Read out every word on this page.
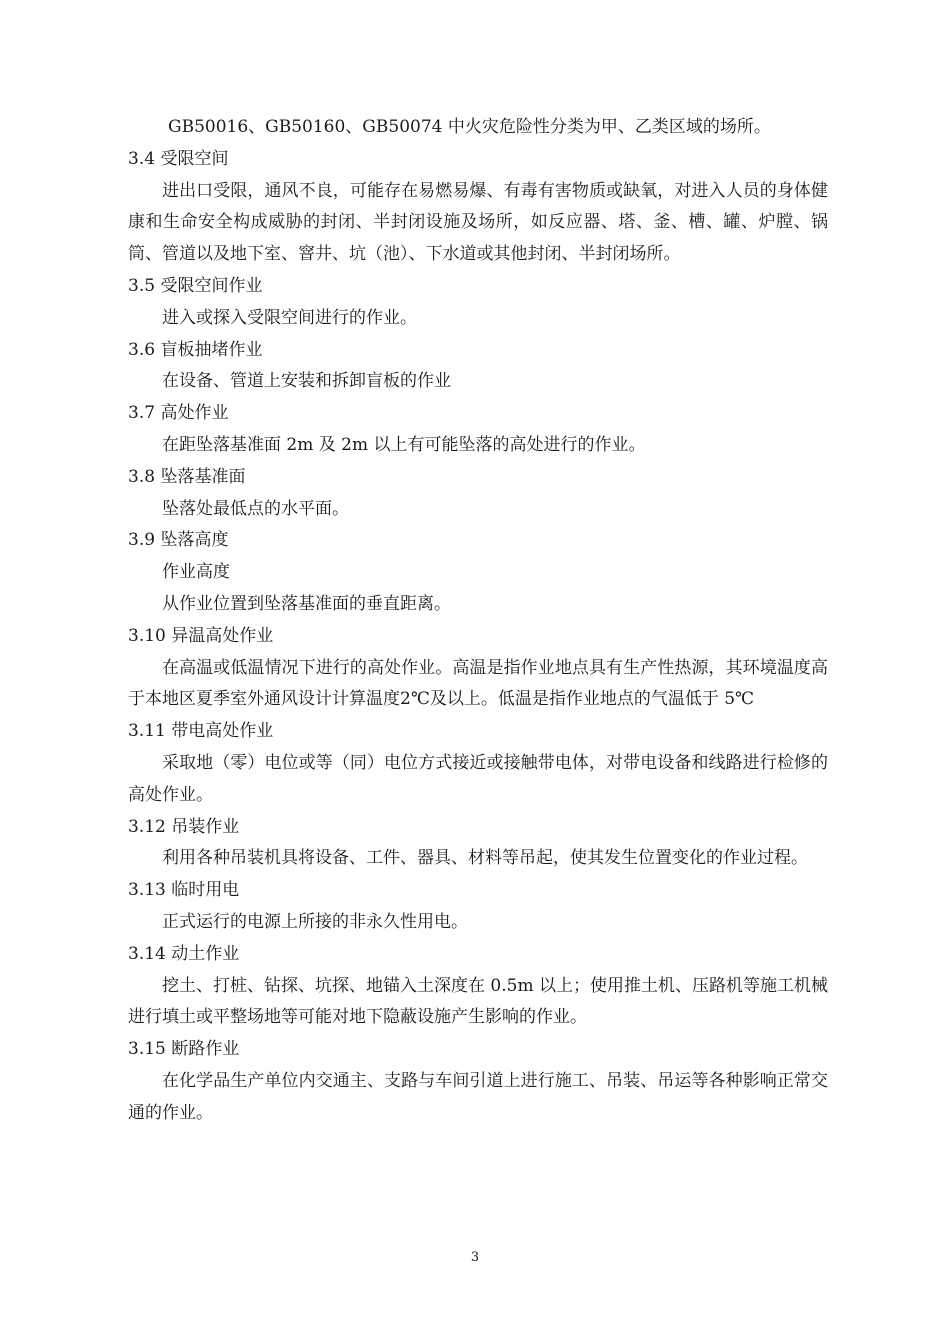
GB50016、GB50160、GB50074 中火灾危险性分类为甲、乙类区域的场所。
3.4 受限空间
进出口受限，通风不良，可能存在易燃易爆、有毒有害物质或缺氧，对进入人员的身体健康和生命安全构成威胁的封闭、半封闭设施及场所，如反应器、塔、釜、槽、罐、炉膛、锅筒、管道以及地下室、窨井、坑（池）、下水道或其他封闭、半封闭场所。
3.5 受限空间作业
进入或探入受限空间进行的作业。
3.6 盲板抽堵作业
在设备、管道上安装和拆卸盲板的作业
3.7 高处作业
在距坠落基准面 2m 及 2m 以上有可能坠落的高处进行的作业。
3.8 坠落基准面
坠落处最低点的水平面。
3.9 坠落高度
作业高度
从作业位置到坠落基准面的垂直距离。
3.10 异温高处作业
在高温或低温情况下进行的高处作业。高温是指作业地点具有生产性热源，其环境温度高于本地区夏季室外通风设计计算温度2℃及以上。低温是指作业地点的气温低于 5℃
3.11 带电高处作业
采取地（零）电位或等（同）电位方式接近或接触带电体，对带电设备和线路进行检修的高处作业。
3.12 吊装作业
利用各种吊装机具将设备、工件、器具、材料等吊起，使其发生位置变化的作业过程。
3.13 临时用电
正式运行的电源上所接的非永久性用电。
3.14 动土作业
挖土、打桩、钻探、坑探、地锚入土深度在 0.5m 以上；使用推土机、压路机等施工机械进行填土或平整场地等可能对地下隐蔽设施产生影响的作业。
3.15 断路作业
在化学品生产单位内交通主、支路与车间引道上进行施工、吊装、吊运等各种影响正常交通的作业。
3
